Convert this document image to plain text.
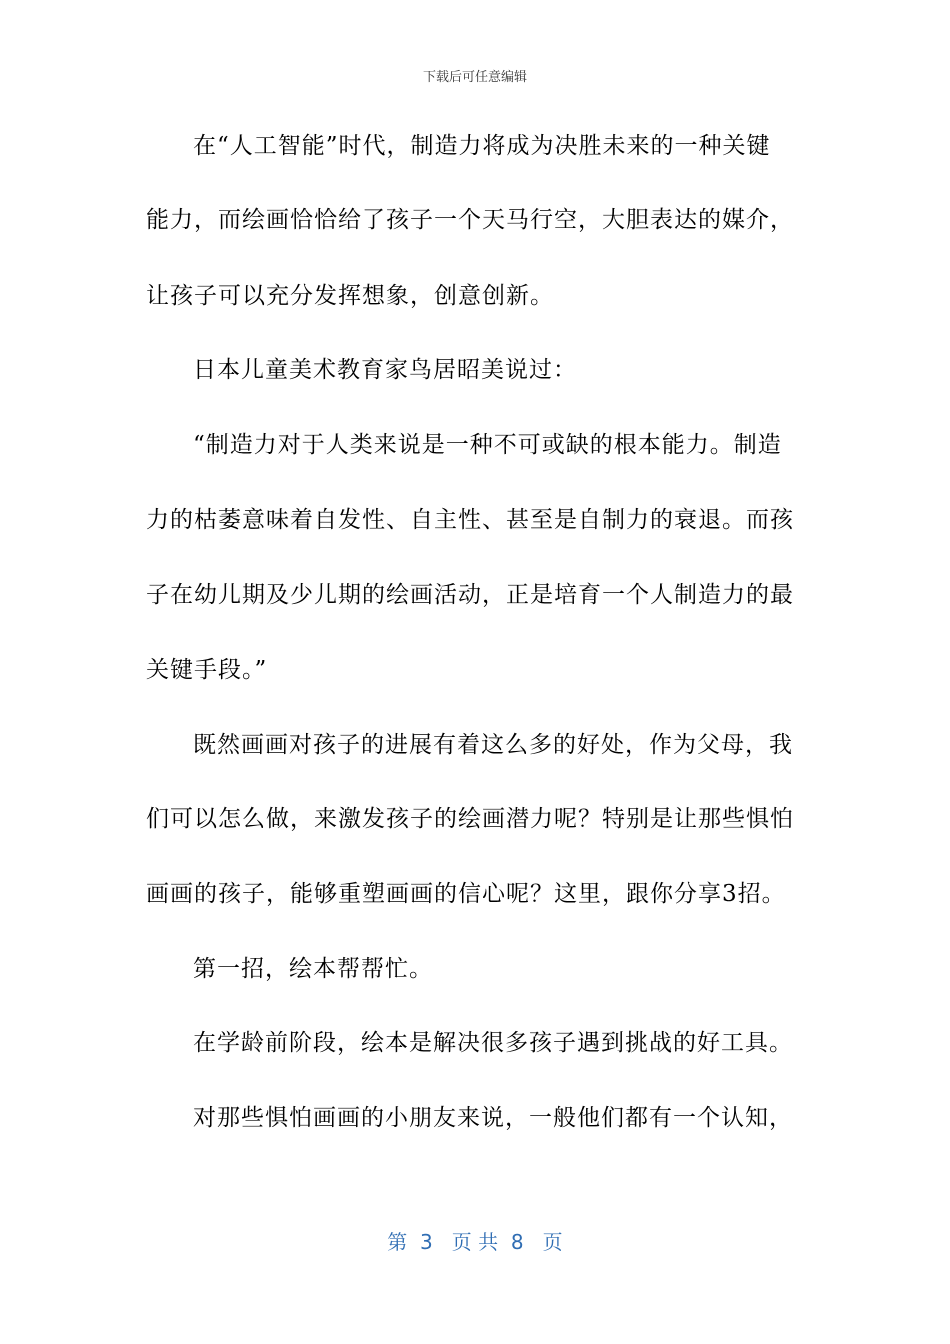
下载后可任意编辑
在“人工智能”时代，制造力将成为决胜未来的一种关键
能力，而绘画恰恰给了孩子一个天马行空，大胆表达的媒介，
让孩子可以充分发挥想象，创意创新。
日本儿童美术教育家鸟居昭美说过：
“制造力对于人类来说是一种不可或缺的根本能力。制造
力的枯萎意味着自发性、自主性、甚至是自制力的衰退。而孩
子在幼儿期及少儿期的绘画活动，正是培育一个人制造力的最
关键手段。”
既然画画对孩子的进展有着这么多的好处，作为父母，我
们可以怎么做，来激发孩子的绘画潜力呢？特别是让那些惧怕
画画的孩子，能够重塑画画的信心呢？这里，跟你分享3招。
第一招，绘本帮帮忙。
在学龄前阶段，绘本是解决很多孩子遇到挑战的好工具。
对那些惧怕画画的小朋友来说，一般他们都有一个认知，
第  3   页 共  8   页
